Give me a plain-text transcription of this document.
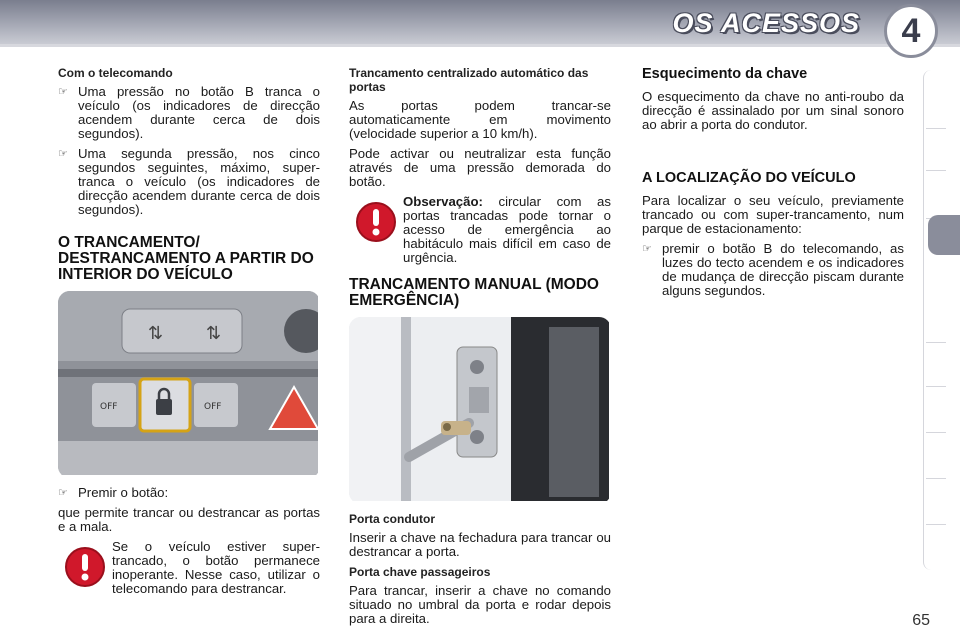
OS ACESSOS	4
Com o telecomando
☞ Uma pressão no botão B tranca o veículo (os indicadores de direcção acendem durante cerca de dois segundos).
☞ Uma segunda pressão, nos cinco segundos seguintes, máximo, super-tranca o veículo (os indicadores de direcção acendem durante cerca de dois segundos).
O TRANCAMENTO/ DESTRANCAMENTO A PARTIR DO INTERIOR DO VEÍCULO
⇅ ⇅
OFF	OFF
☞ Premir o botão:

que permite trancar ou destrancar as portas e a mala.

Se o veículo estiver super-trancado, o botão permanece inoperante. Nesse caso, utilizar o telecomando para destrancar.
Trancamento centralizado automático das portas

As portas podem trancar-se automaticamente em movimento (velocidade superior a 10 km/h).

Pode activar ou neutralizar esta função através de uma pressão demorada do botão.

Observação: circular com as portas trancadas pode tornar o acesso de emergência ao habitáculo mais difícil em caso de urgência.
TRANCAMENTO MANUAL (MODO EMERGÊNCIA)
Porta condutor

Inserir a chave na fechadura para trancar ou destrancar a porta.

Porta chave passageiros

Para trancar, inserir a chave no comando situado no umbral da porta e rodar depois para a direita.

Esquecimento da chave

O esquecimento da chave no anti-roubo da direcção é assinalado por um sinal sonoro ao abrir a porta do condutor.

A LOCALIZAÇÃO DO VEÍCULO

Para localizar o seu veículo, previamente trancado ou com super-trancamento, num parque de estacionamento:

☞ premir o botão B do telecomando, as luzes do tecto acendem e os indicadores de mudança de direcção piscam durante alguns segundos.
65
